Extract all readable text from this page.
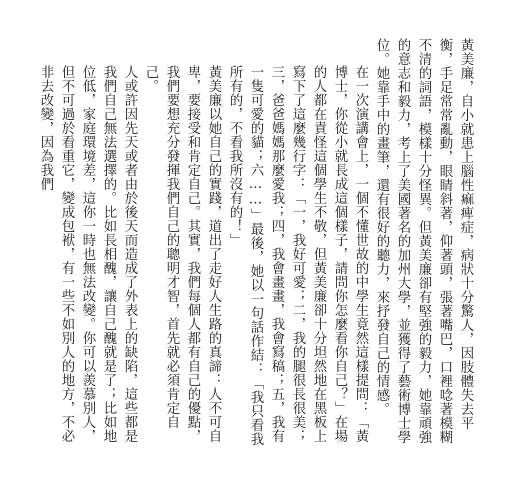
黃美廉，自小就患上腦性痲痺症，病狀十分驚人，因肢體失去平衡，手足常常亂動，眼睛斜著，仰著頭，張著嘴巴，口裡唸著模糊不清的詞語，模樣十分怪異。但黃美廉卻有堅強的毅力，她靠頑強的意志和毅力，考上了美國著名的加州大學，並獲得了藝術博士學位。她靠手中的畫筆，還有很好的聽力，來抒發自己的情感。

在一次演講會上，一個不懂世故的中學生竟然這樣提問：「黃博士，你從小就長成這個樣子，請問你怎麼看你自己？」在場的人都在責怪這個學生不敬，但黃美廉卻十分坦然地在黑板上寫下了這麼幾行字：「一，我好可愛；二，我的腿很長很美；三，爸爸媽媽那麼愛我；四，我會畫畫，我會寫稿；五，我有一隻可愛的貓；六……」最後，她以一句話作結：「我只看我所有的，不看我所沒有的！」

黃美廉以她自己的實踐，道出了走好人生路的真諦：人不可自卑，要接受和肯定自己。其實，我們每個人都有自己的優點，我們要想充分發揮我們自己的聰明才智，首先就必須肯定自己。

人或許因先天或者由於後天而造成了外表上的缺陷，這些都是我們自己無法選擇的。比如長相醜，讓自己醜就是了；比如地位低，家庭環境差，這你一時也無法改變。你可以羨慕別人，但不可過於看重它，變成包袱，有一些不如別人的地方，不必非去改變，因為我們
